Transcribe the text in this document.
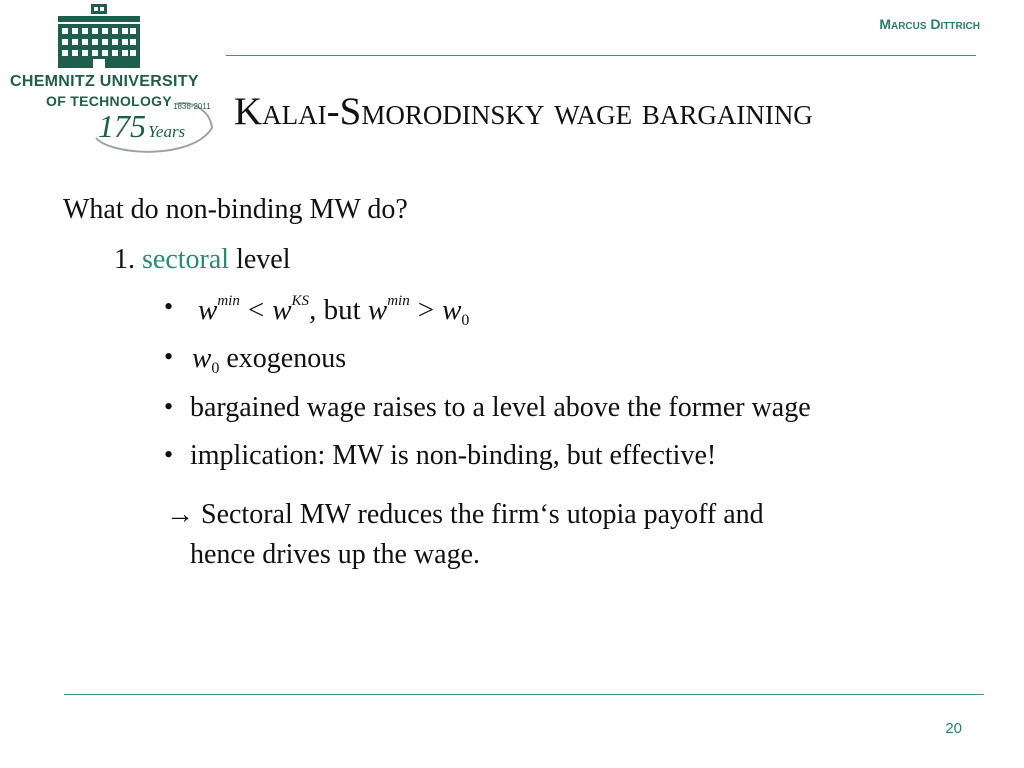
CHEMNITZ UNIVERSITY
OF TECHNOLOGY 1836-2011
175 Years
Marcus Dittrich
Kalai-Smorodinsky wage bargaining
What do non-binding MW do?
1. sectoral level
• $w^{min} < w^{KS}$, but $w^{min} > w_0$
• $w_0$ exogenous
• bargained wage raises to a level above the former wage
• implication: MW is non-binding, but effective!
→ Sectoral MW reduces the firm‘s utopia payoff and
hence drives up the wage.
20
